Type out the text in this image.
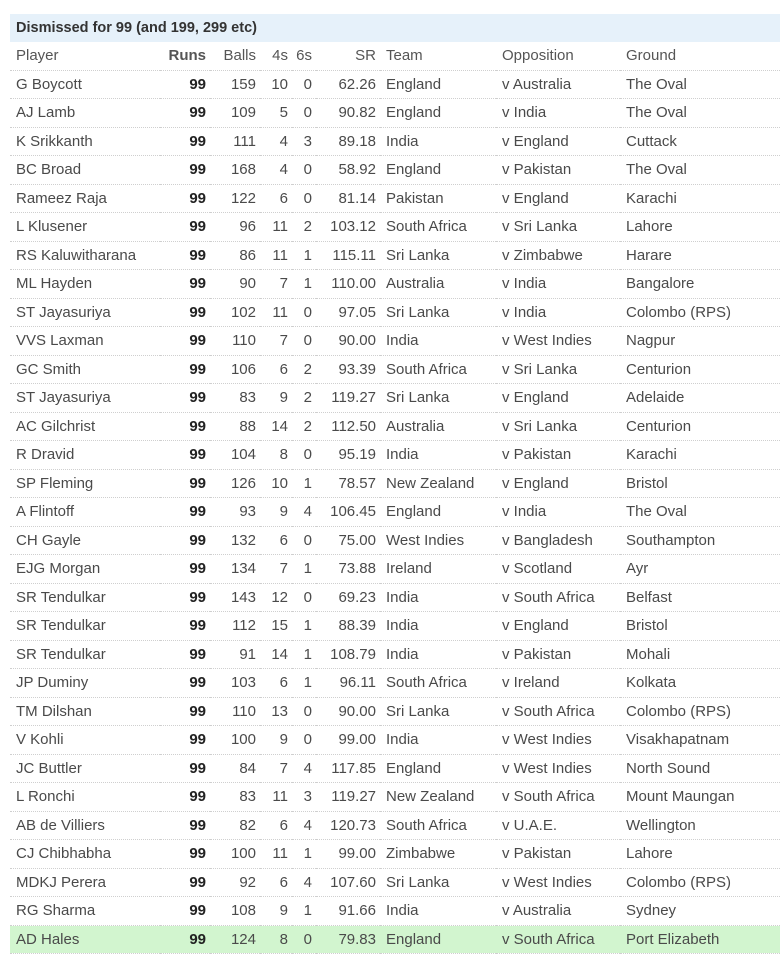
Dismissed for 99 (and 199, 299 etc)
Player	Runs	Balls	4s	6s	SR	Team	Opposition	Ground
G Boycott	99	159	10	0	62.26	England	v Australia	The Oval
AJ Lamb	99	109	5	0	90.82	England	v India	The Oval
K Srikkanth	99	111	4	3	89.18	India	v England	Cuttack
BC Broad	99	168	4	0	58.92	England	v Pakistan	The Oval
Rameez Raja	99	122	6	0	81.14	Pakistan	v England	Karachi
L Klusener	99	96	11	2	103.12	South Africa	v Sri Lanka	Lahore
RS Kaluwitharana	99	86	11	1	115.11	Sri Lanka	v Zimbabwe	Harare
ML Hayden	99	90	7	1	110.00	Australia	v India	Bangalore
ST Jayasuriya	99	102	11	0	97.05	Sri Lanka	v India	Colombo (RPS)
VVS Laxman	99	110	7	0	90.00	India	v West Indies	Nagpur
GC Smith	99	106	6	2	93.39	South Africa	v Sri Lanka	Centurion
ST Jayasuriya	99	83	9	2	119.27	Sri Lanka	v England	Adelaide
AC Gilchrist	99	88	14	2	112.50	Australia	v Sri Lanka	Centurion
R Dravid	99	104	8	0	95.19	India	v Pakistan	Karachi
SP Fleming	99	126	10	1	78.57	New Zealand	v England	Bristol
A Flintoff	99	93	9	4	106.45	England	v India	The Oval
CH Gayle	99	132	6	0	75.00	West Indies	v Bangladesh	Southampton
EJG Morgan	99	134	7	1	73.88	Ireland	v Scotland	Ayr
SR Tendulkar	99	143	12	0	69.23	India	v South Africa	Belfast
SR Tendulkar	99	112	15	1	88.39	India	v England	Bristol
SR Tendulkar	99	91	14	1	108.79	India	v Pakistan	Mohali
JP Duminy	99	103	6	1	96.11	South Africa	v Ireland	Kolkata
TM Dilshan	99	110	13	0	90.00	Sri Lanka	v South Africa	Colombo (RPS)
V Kohli	99	100	9	0	99.00	India	v West Indies	Visakhapatnam
JC Buttler	99	84	7	4	117.85	England	v West Indies	North Sound
L Ronchi	99	83	11	3	119.27	New Zealand	v South Africa	Mount Maungan
AB de Villiers	99	82	6	4	120.73	South Africa	v U.A.E.	Wellington
CJ Chibhabha	99	100	11	1	99.00	Zimbabwe	v Pakistan	Lahore
MDKJ Perera	99	92	6	4	107.60	Sri Lanka	v West Indies	Colombo (RPS)
RG Sharma	99	108	9	1	91.66	India	v Australia	Sydney
AD Hales	99	124	8	0	79.83	England	v South Africa	Port Elizabeth
